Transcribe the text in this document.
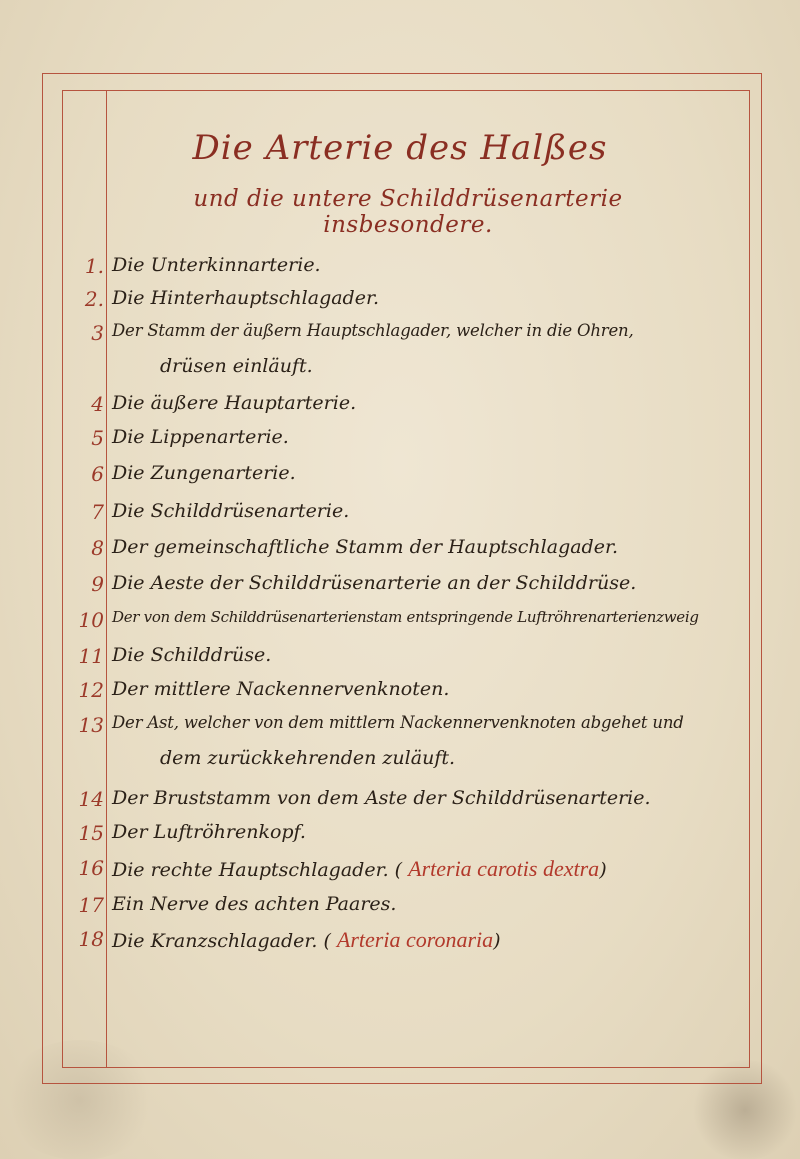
Die Arterie des Halßes
und die untere Schilddrüsenarterie insbesondere.
1. Die Unterkinnarterie.
2. Die Hinterhauptschlagader.
3 Der Stamm der äußern Hauptschlagader, welcher in die Ohren,
drüsen einläuft.
4 Die äußere Hauptarterie.
5 Die Lippenarterie.
6 Die Zungenarterie.
7 Die Schilddrüsenarterie.
8 Der gemeinschaftliche Stamm der Hauptschlagader.
9 Die Aeste der Schilddrüsenarterie an der Schilddrüse.
10 Der von dem Schilddrüsenarterienstam entspringende Luftröhrenarterienzweig
11 Die Schilddrüse.
12 Der mittlere Nackennervenknoten.
13 Der Ast, welcher von dem mittlern Nackennervenknoten abgehet und
dem zurückkehrenden zuläuft.
14 Der Bruststamm von dem Aste der Schilddrüsenarterie.
15 Der Luftröhrenkopf.
16 Die rechte Hauptschlagader. ( Arteria carotis dextra)
17 Ein Nerve des achten Paares.
18 Die Kranzschlagader. ( Arteria coronaria)
